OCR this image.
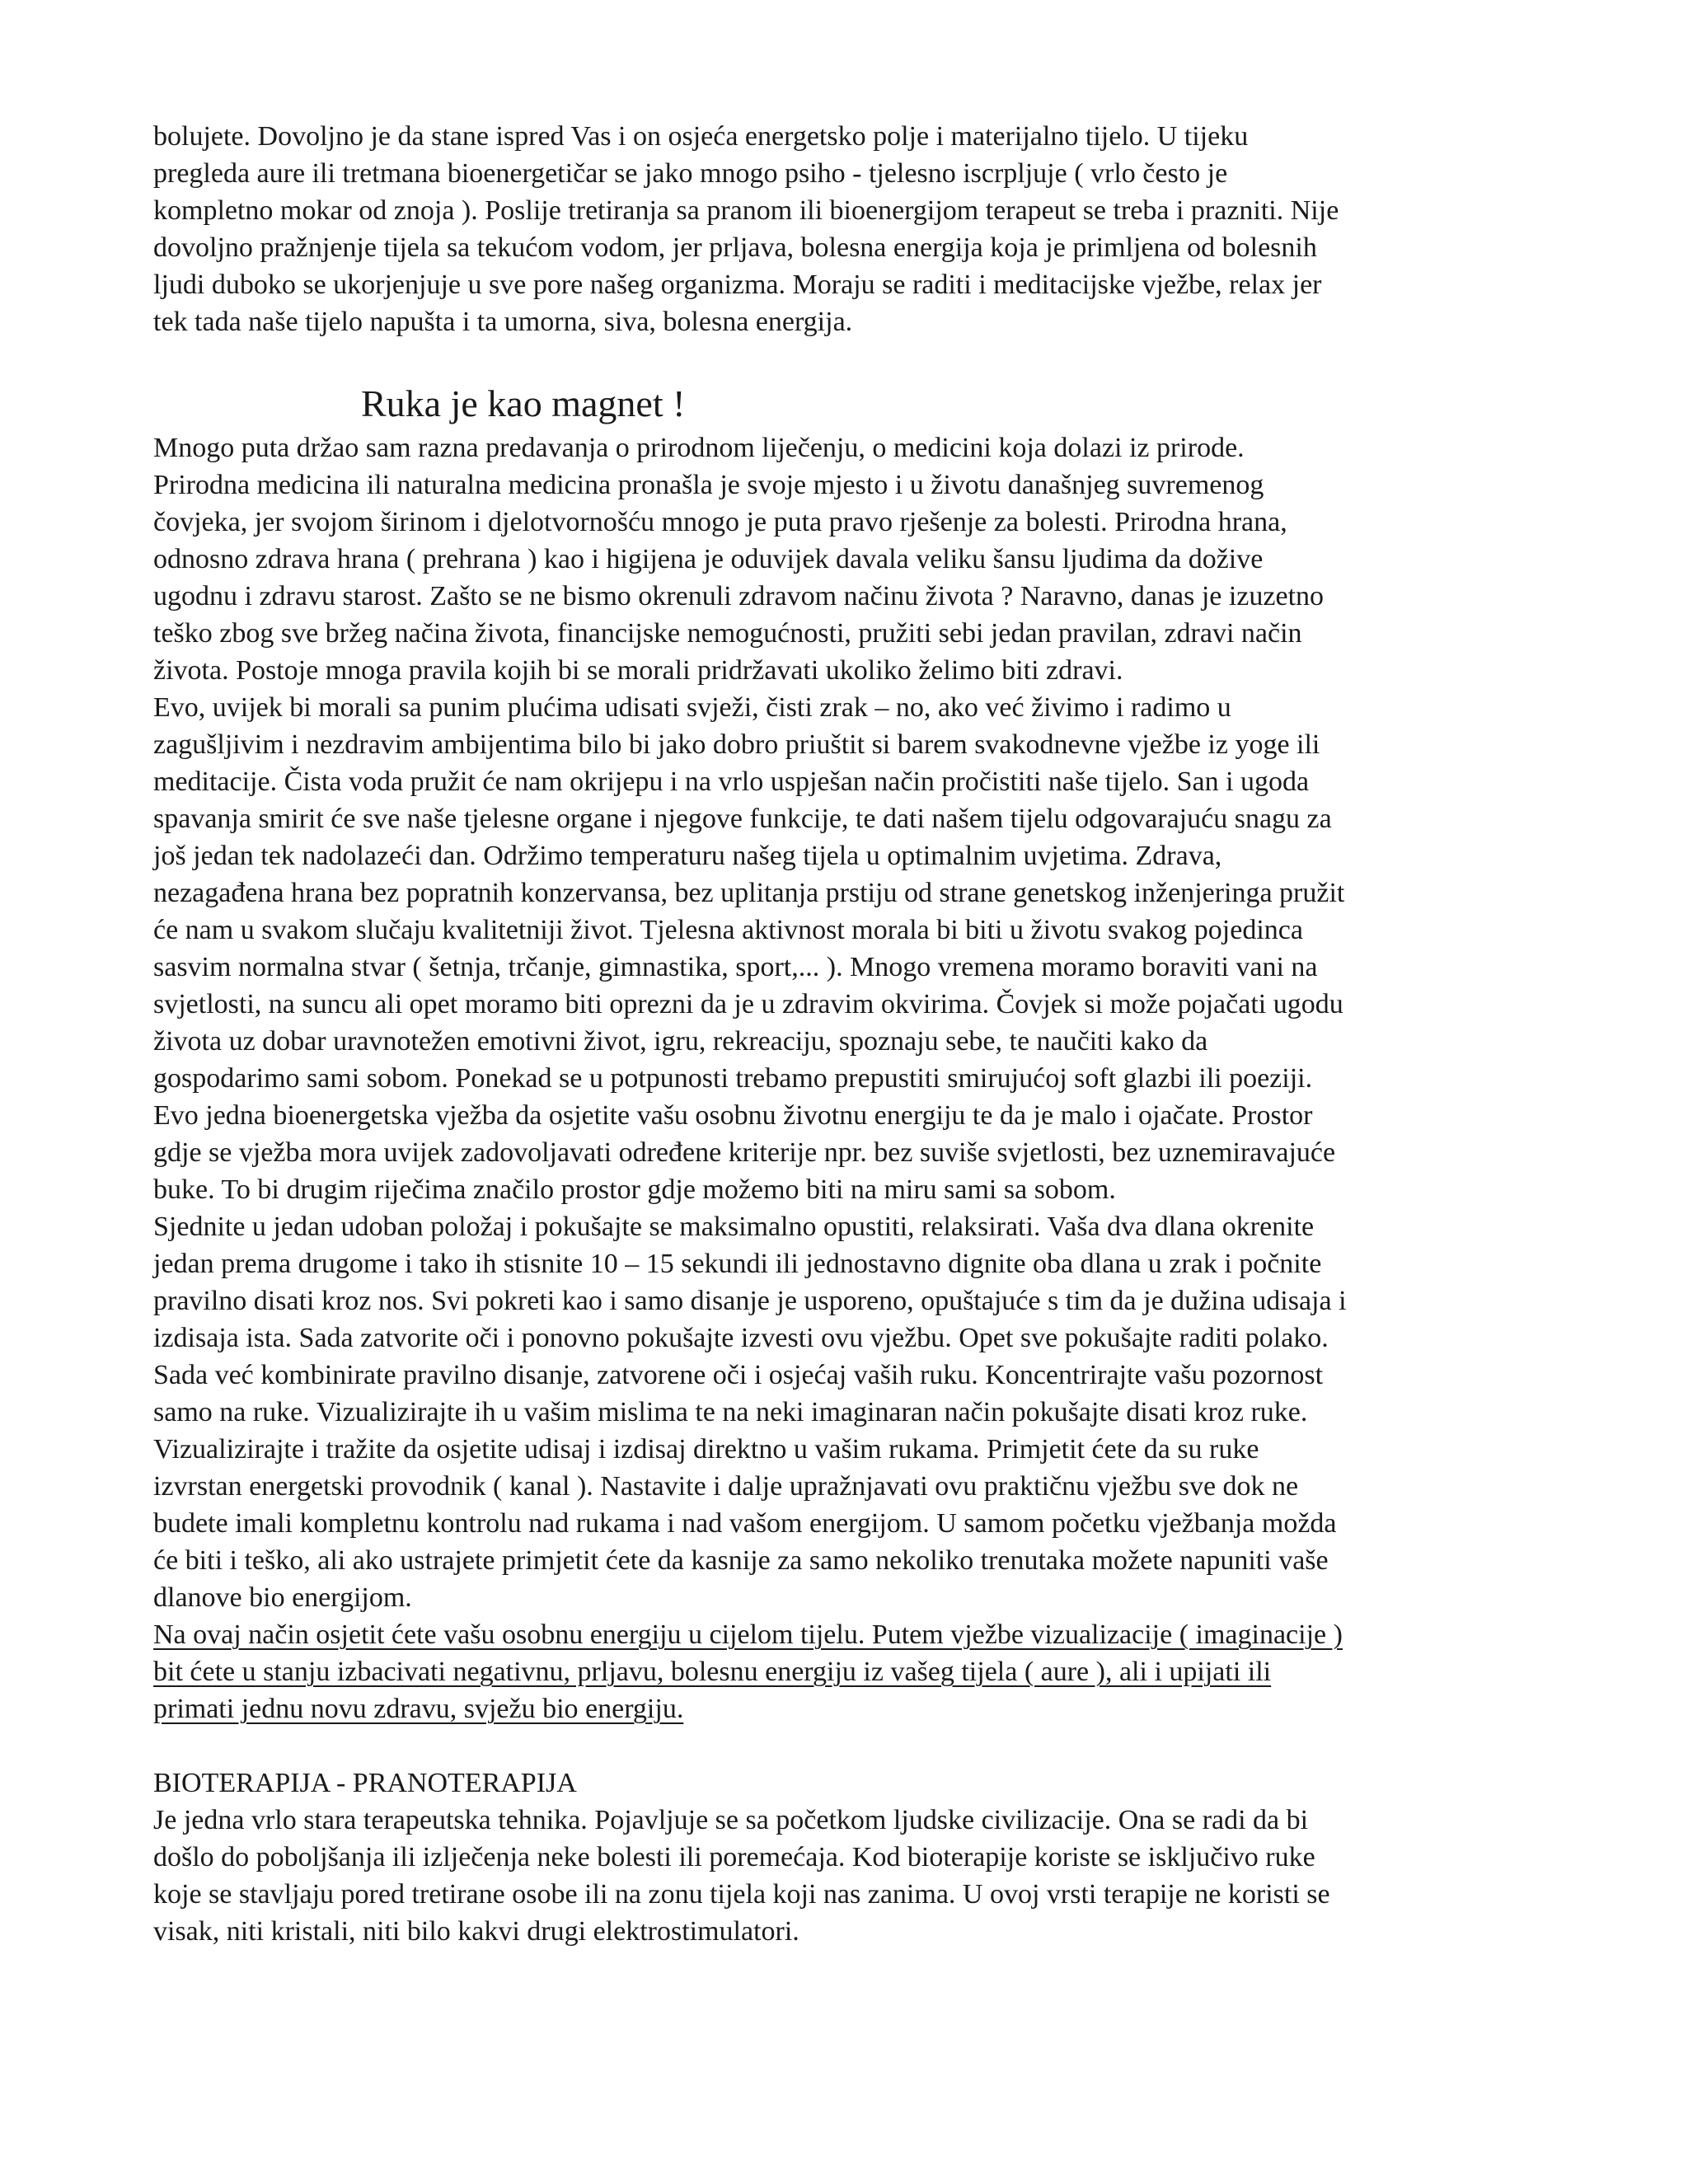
bolujete. Dovoljno je da stane ispred Vas i on osjeća energetsko polje i materijalno tijelo. U tijeku

pregleda aure ili tretmana bioenergetičar se jako mnogo psiho - tjelesno iscrpljuje ( vrlo često je

kompletno mokar od znoja ). Poslije tretiranja sa pranom ili bioenergijom terapeut se treba i prazniti. Nije

dovoljno pražnjenje tijela sa tekućom vodom, jer prljava, bolesna energija koja je primljena od bolesnih

ljudi duboko se ukorjenjuje u sve pore našeg organizma. Moraju se raditi i meditacijske vježbe, relax jer

tek tada naše tijelo napušta i ta umorna, siva, bolesna energija.

Ruka je kao magnet !

Mnogo puta držao sam razna predavanja o prirodnom liječenju, o medicini koja dolazi iz prirode.

Prirodna medicina ili naturalna medicina pronašla je svoje mjesto i u životu današnjeg suvremenog

čovjeka, jer svojom širinom i djelotvornošću mnogo je puta pravo rješenje za bolesti. Prirodna hrana,

odnosno zdrava hrana ( prehrana ) kao i higijena je oduvijek davala veliku šansu ljudima da dožive

ugodnu i zdravu starost. Zašto se ne bismo okrenuli zdravom načinu života ? Naravno, danas je izuzetno

teško zbog sve bržeg načina života, financijske nemogućnosti, pružiti sebi jedan pravilan, zdravi način

života. Postoje mnoga pravila kojih bi se morali pridržavati ukoliko želimo biti zdravi.

Evo, uvijek bi morali sa punim plućima udisati svježi, čisti zrak – no, ako već živimo i radimo u

zagušljivim i nezdravim ambijentima bilo bi jako dobro priuštit si barem svakodnevne vježbe iz yoge ili

meditacije. Čista voda pružit će nam okrijepu i na vrlo uspješan način pročistiti naše tijelo. San i ugoda

spavanja smirit će sve naše tjelesne organe i njegove funkcije, te dati našem tijelu odgovarajuću snagu za

još jedan tek nadolazeći dan. Održimo temperaturu našeg tijela u optimalnim uvjetima. Zdrava,

nezagađena hrana bez popratnih konzervansa, bez uplitanja prstiju od strane genetskog inženjeringa pružit

će nam u svakom slučaju kvalitetniji život. Tjelesna aktivnost morala bi biti u životu svakog pojedinca

sasvim normalna stvar ( šetnja, trčanje, gimnastika, sport,... ). Mnogo vremena moramo boraviti vani na

svjetlosti, na suncu ali opet moramo biti oprezni da je u zdravim okvirima. Čovjek si može pojačati ugodu

života uz dobar uravnotežen emotivni život, igru, rekreaciju, spoznaju sebe, te naučiti kako da

gospodarimo sami sobom. Ponekad se u potpunosti trebamo prepustiti smirujućoj soft glazbi ili poeziji.

Evo jedna bioenergetska vježba da osjetite vašu osobnu životnu energiju te da je malo i ojačate. Prostor

gdje se vježba mora uvijek zadovoljavati određene kriterije npr. bez suviše svjetlosti, bez uznemiravajuće

buke. To bi drugim riječima značilo prostor gdje možemo biti na miru sami sa sobom.

Sjednite u jedan udoban položaj i pokušajte se maksimalno opustiti, relaksirati. Vaša dva dlana okrenite

jedan prema drugome i tako ih stisnite 10 – 15 sekundi ili jednostavno dignite oba dlana u zrak i počnite

pravilno disati kroz nos. Svi pokreti kao i samo disanje je usporeno, opuštajuće s tim da je dužina udisaja i

izdisaja ista. Sada zatvorite oči i ponovno pokušajte izvesti ovu vježbu. Opet sve pokušajte raditi polako.

Sada već kombinirate pravilno disanje, zatvorene oči i osjećaj vaših ruku. Koncentrirajte vašu pozornost

samo na ruke. Vizualizirajte ih u vašim mislima te na neki imaginaran način pokušajte disati kroz ruke.

Vizualizirajte i tražite da osjetite udisaj i izdisaj direktno u vašim rukama. Primjetit ćete da su ruke

izvrstan energetski provodnik ( kanal ). Nastavite i dalje upražnjavati ovu praktičnu vježbu sve dok ne

budete imali kompletnu kontrolu nad rukama i nad vašom energijom. U samom početku vježbanja možda

će biti i teško, ali ako ustrajete primjetit ćete da kasnije za samo nekoliko trenutaka možete napuniti vaše

dlanove bio energijom.

Na ovaj način osjetit ćete vašu osobnu energiju u cijelom tijelu. Putem vježbe vizualizacije ( imaginacije )

bit ćete u stanju izbacivati negativnu, prljavu, bolesnu energiju iz vašeg tijela ( aure ), ali i upijati ili

primati jednu novu zdravu, svježu bio energiju.

BIOTERAPIJA - PRANOTERAPIJA

Je jedna vrlo stara terapeutska tehnika. Pojavljuje se sa početkom ljudske civilizacije. Ona se radi da bi

došlo do poboljšanja ili izlječenja neke bolesti ili poremećaja. Kod bioterapije koriste se isključivo ruke

koje se stavljaju pored tretirane osobe ili na zonu tijela koji nas zanima. U ovoj vrsti terapije ne koristi se

visak, niti kristali, niti bilo kakvi drugi elektrostimulatori.
